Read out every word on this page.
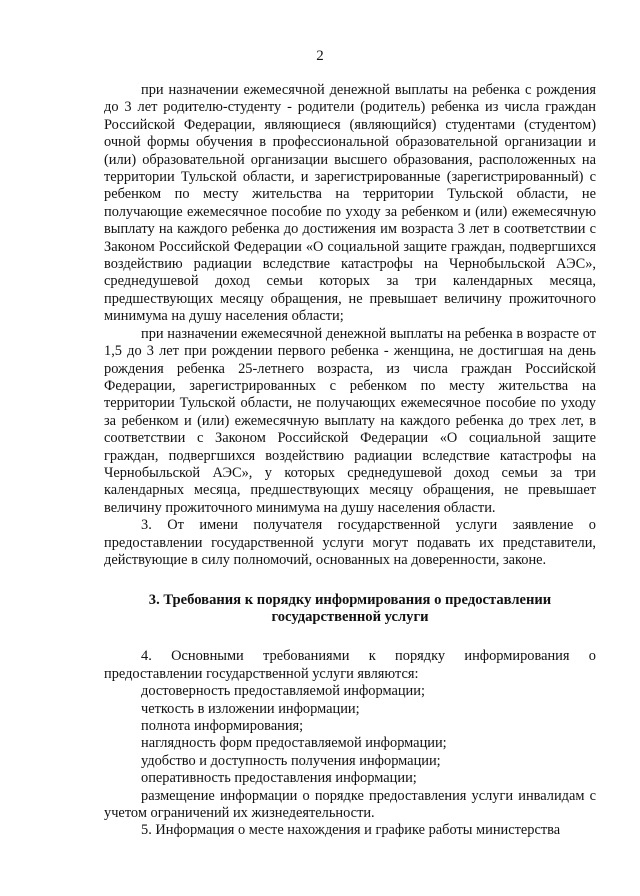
2

при назначении ежемесячной денежной выплаты на ребенка с рождения до 3 лет родителю-студенту - родители (родитель) ребенка из числа граждан Российской Федерации, являющиеся (являющийся) студентами (студентом) очной формы обучения в профессиональной образовательной организации и (или) образовательной организации высшего образования, расположенных на территории Тульской области, и зарегистрированные (зарегистрированный) с ребенком по месту жительства на территории Тульской области, не получающие ежемесячное пособие по уходу за ребенком и (или) ежемесячную выплату на каждого ребенка до достижения им возраста 3 лет в соответствии с Законом Российской Федерации «О социальной защите граждан, подвергшихся воздействию радиации вследствие катастрофы на Чернобыльской АЭС», среднедушевой доход семьи которых за три календарных месяца, предшествующих месяцу обращения, не превышает величину прожиточного минимума на душу населения области;

при назначении ежемесячной денежной выплаты на ребенка в возрасте от 1,5 до 3 лет при рождении первого ребенка - женщина, не достигшая на день рождения ребенка 25-летнего возраста, из числа граждан Российской Федерации, зарегистрированных с ребенком по месту жительства на территории Тульской области, не получающих ежемесячное пособие по уходу за ребенком и (или) ежемесячную выплату на каждого ребенка до трех лет, в соответствии с Законом Российской Федерации «О социальной защите граждан, подвергшихся воздействию радиации вследствие катастрофы на Чернобыльской АЭС», у которых среднедушевой доход семьи за три календарных месяца, предшествующих месяцу обращения, не превышает величину прожиточного минимума на душу населения области.

3. От имени получателя государственной услуги заявление о предоставлении государственной услуги могут подавать их представители, действующие в силу полномочий, основанных на доверенности, законе.

3. Требования к порядку информирования о предоставлении
государственной услуги

4. Основными требованиями к порядку информирования о предоставлении государственной услуги являются:

достоверность предоставляемой информации;

четкость в изложении информации;

полнота информирования;

наглядность форм предоставляемой информации;

удобство и доступность получения информации;

оперативность предоставления информации;

размещение информации о порядке предоставления услуги инвалидам с учетом ограничений их жизнедеятельности.

5. Информация о месте нахождения и графике работы министерства
